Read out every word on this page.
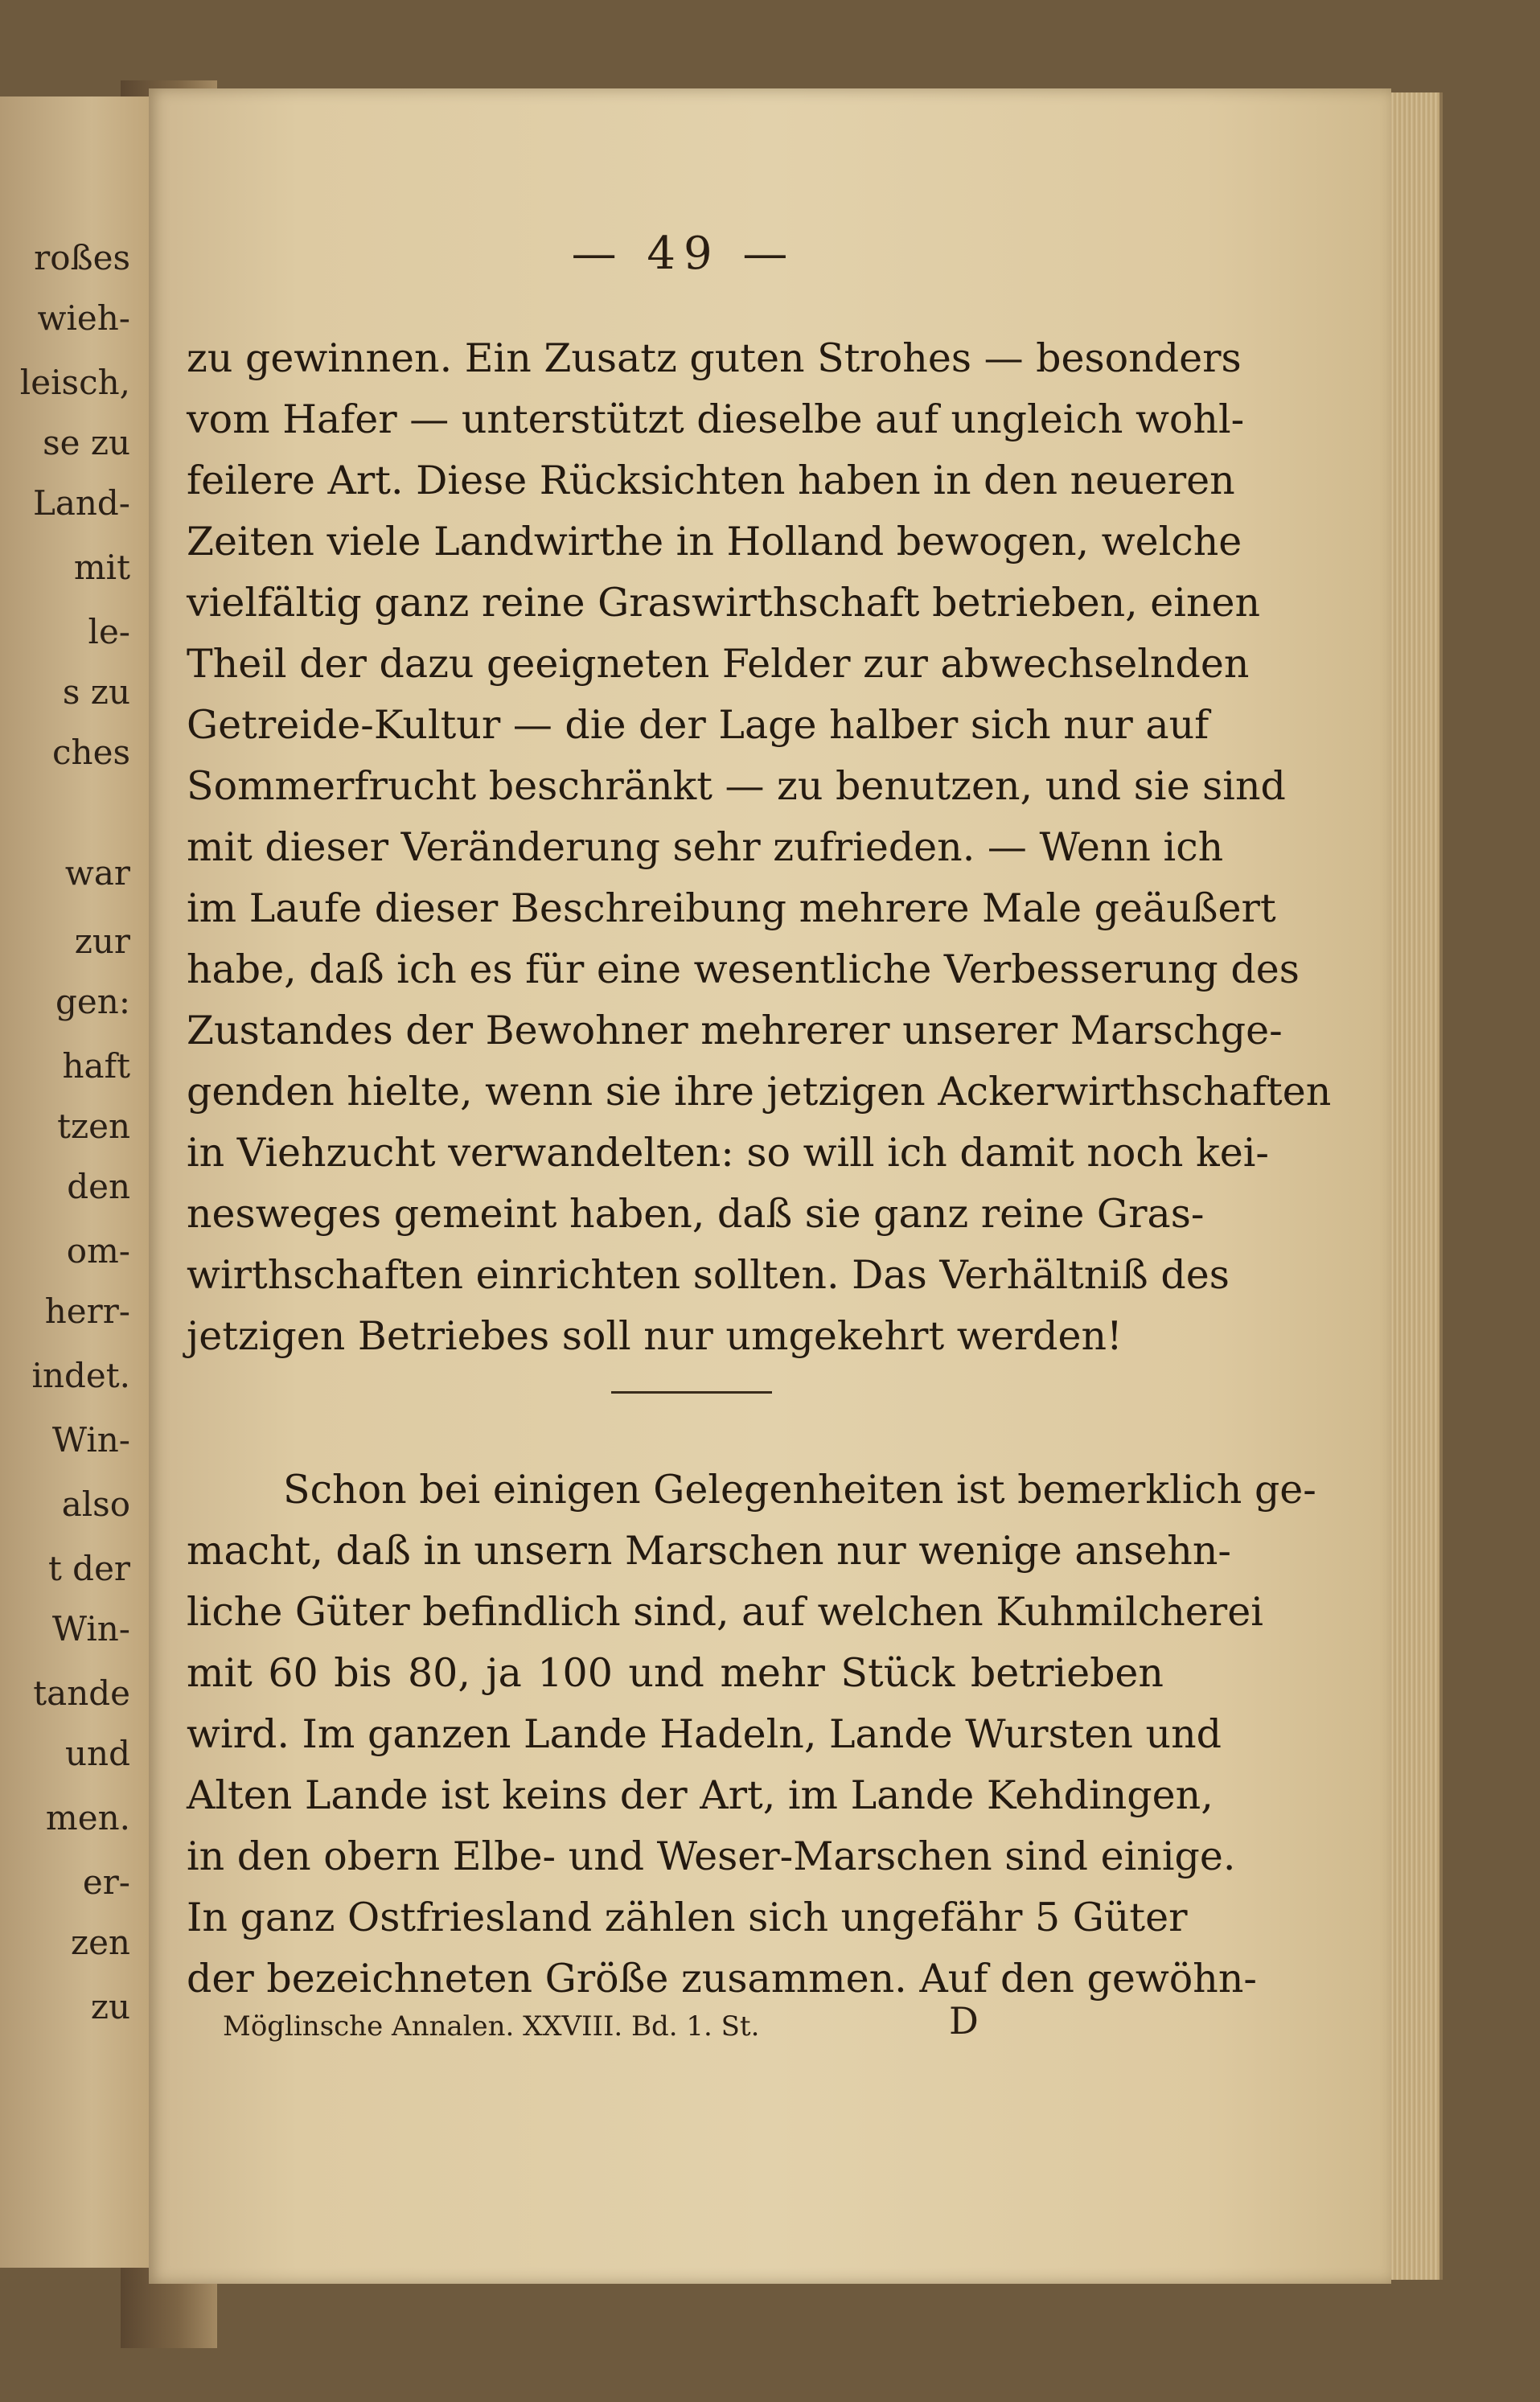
roßes
wieh-
leisch,
se zu
Land-
mit
le-
s zu
ches
war
zur
gen:
haft
tzen
den
om-
herr-
indet.
Win-
also
t der
Win-
tande
und
men.
er-
zen
zu
— 49 —
zu gewinnen. Ein Zusatz guten Strohes — besonders
vom Hafer — unterstützt dieselbe auf ungleich wohl-
feilere Art. Diese Rücksichten haben in den neueren
Zeiten viele Landwirthe in Holland bewogen, welche
vielfältig ganz reine Graswirthschaft betrieben, einen
Theil der dazu geeigneten Felder zur abwechselnden
Getreide-Kultur — die der Lage halber sich nur auf
Sommerfrucht beschränkt — zu benutzen, und sie sind
mit dieser Veränderung sehr zufrieden. — Wenn ich
im Laufe dieser Beschreibung mehrere Male geäußert
habe, daß ich es für eine wesentliche Verbesserung des
Zustandes der Bewohner mehrerer unserer Marschge-
genden hielte, wenn sie ihre jetzigen Ackerwirthschaften
in Viehzucht verwandelten: so will ich damit noch kei-
nesweges gemeint haben, daß sie ganz reine Gras-
wirthschaften einrichten sollten. Das Verhältniß des
jetzigen Betriebes soll nur umgekehrt werden!
Schon bei einigen Gelegenheiten ist bemerklich ge-
macht, daß in unsern Marschen nur wenige ansehn-
liche Güter befindlich sind, auf welchen Kuhmilcherei
mit 60 bis 80, ja 100 und mehr Stück betrieben
wird. Im ganzen Lande Hadeln, Lande Wursten und
Alten Lande ist keins der Art, im Lande Kehdingen,
in den obern Elbe- und Weser-Marschen sind einige.
In ganz Ostfriesland zählen sich ungefähr 5 Güter
der bezeichneten Größe zusammen. Auf den gewöhn-
Möglinsche Annalen. XXVIII. Bd. 1. St.	D
